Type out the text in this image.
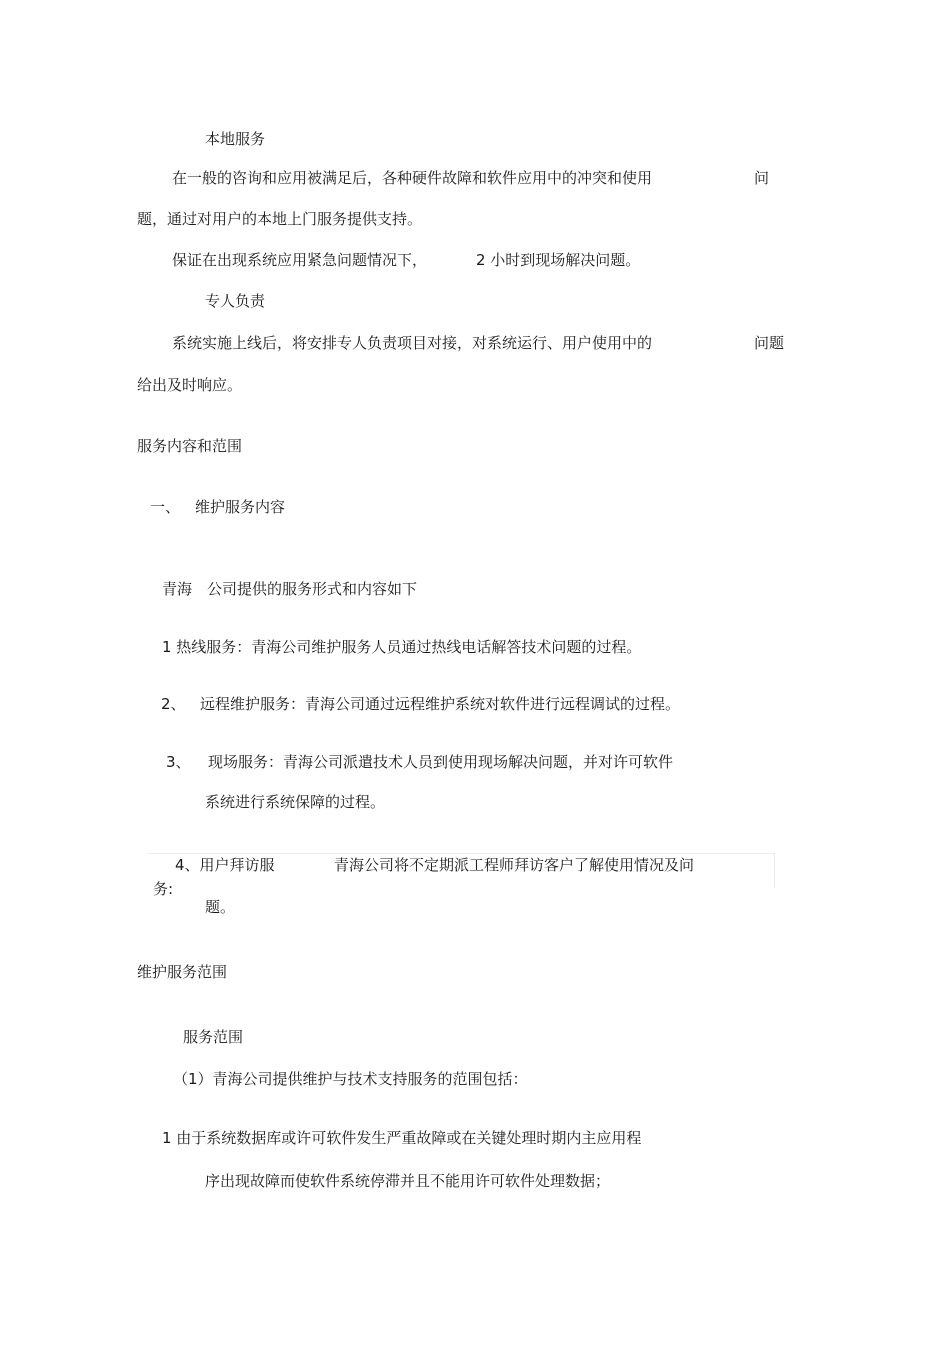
本地服务
在一般的咨询和应用被满足后，各种硬件故障和软件应用中的冲突和使用	问
题，通过对用户的本地上门服务提供支持。
保证在出现系统应用紧急问题情况下，	2 小时到现场解决问题。
专人负责
系统实施上线后，将安排专人负责项目对接，对系统运行、用户使用中的	问题
给出及时响应。
服务内容和范围
一、 维护服务内容
青海 公司提供的服务形式和内容如下
1 热线服务：青海公司维护服务人员通过热线电话解答技术问题的过程。
2、 远程维护服务：青海公司通过远程维护系统对软件进行远程调试的过程。
3、 现场服务：青海公司派遣技术人员到使用现场解决问题，并对许可软件
系统进行系统保障的过程。
4、用户拜访服
务:
青海公司将不定期派工程师拜访客户了解使用情况及问
题。
维护服务范围
服务范围
（1）青海公司提供维护与技术支持服务的范围包括：
1 由于系统数据库或许可软件发生严重故障或在关键处理时期内主应用程
序出现故障而使软件系统停滞并且不能用许可软件处理数据；
